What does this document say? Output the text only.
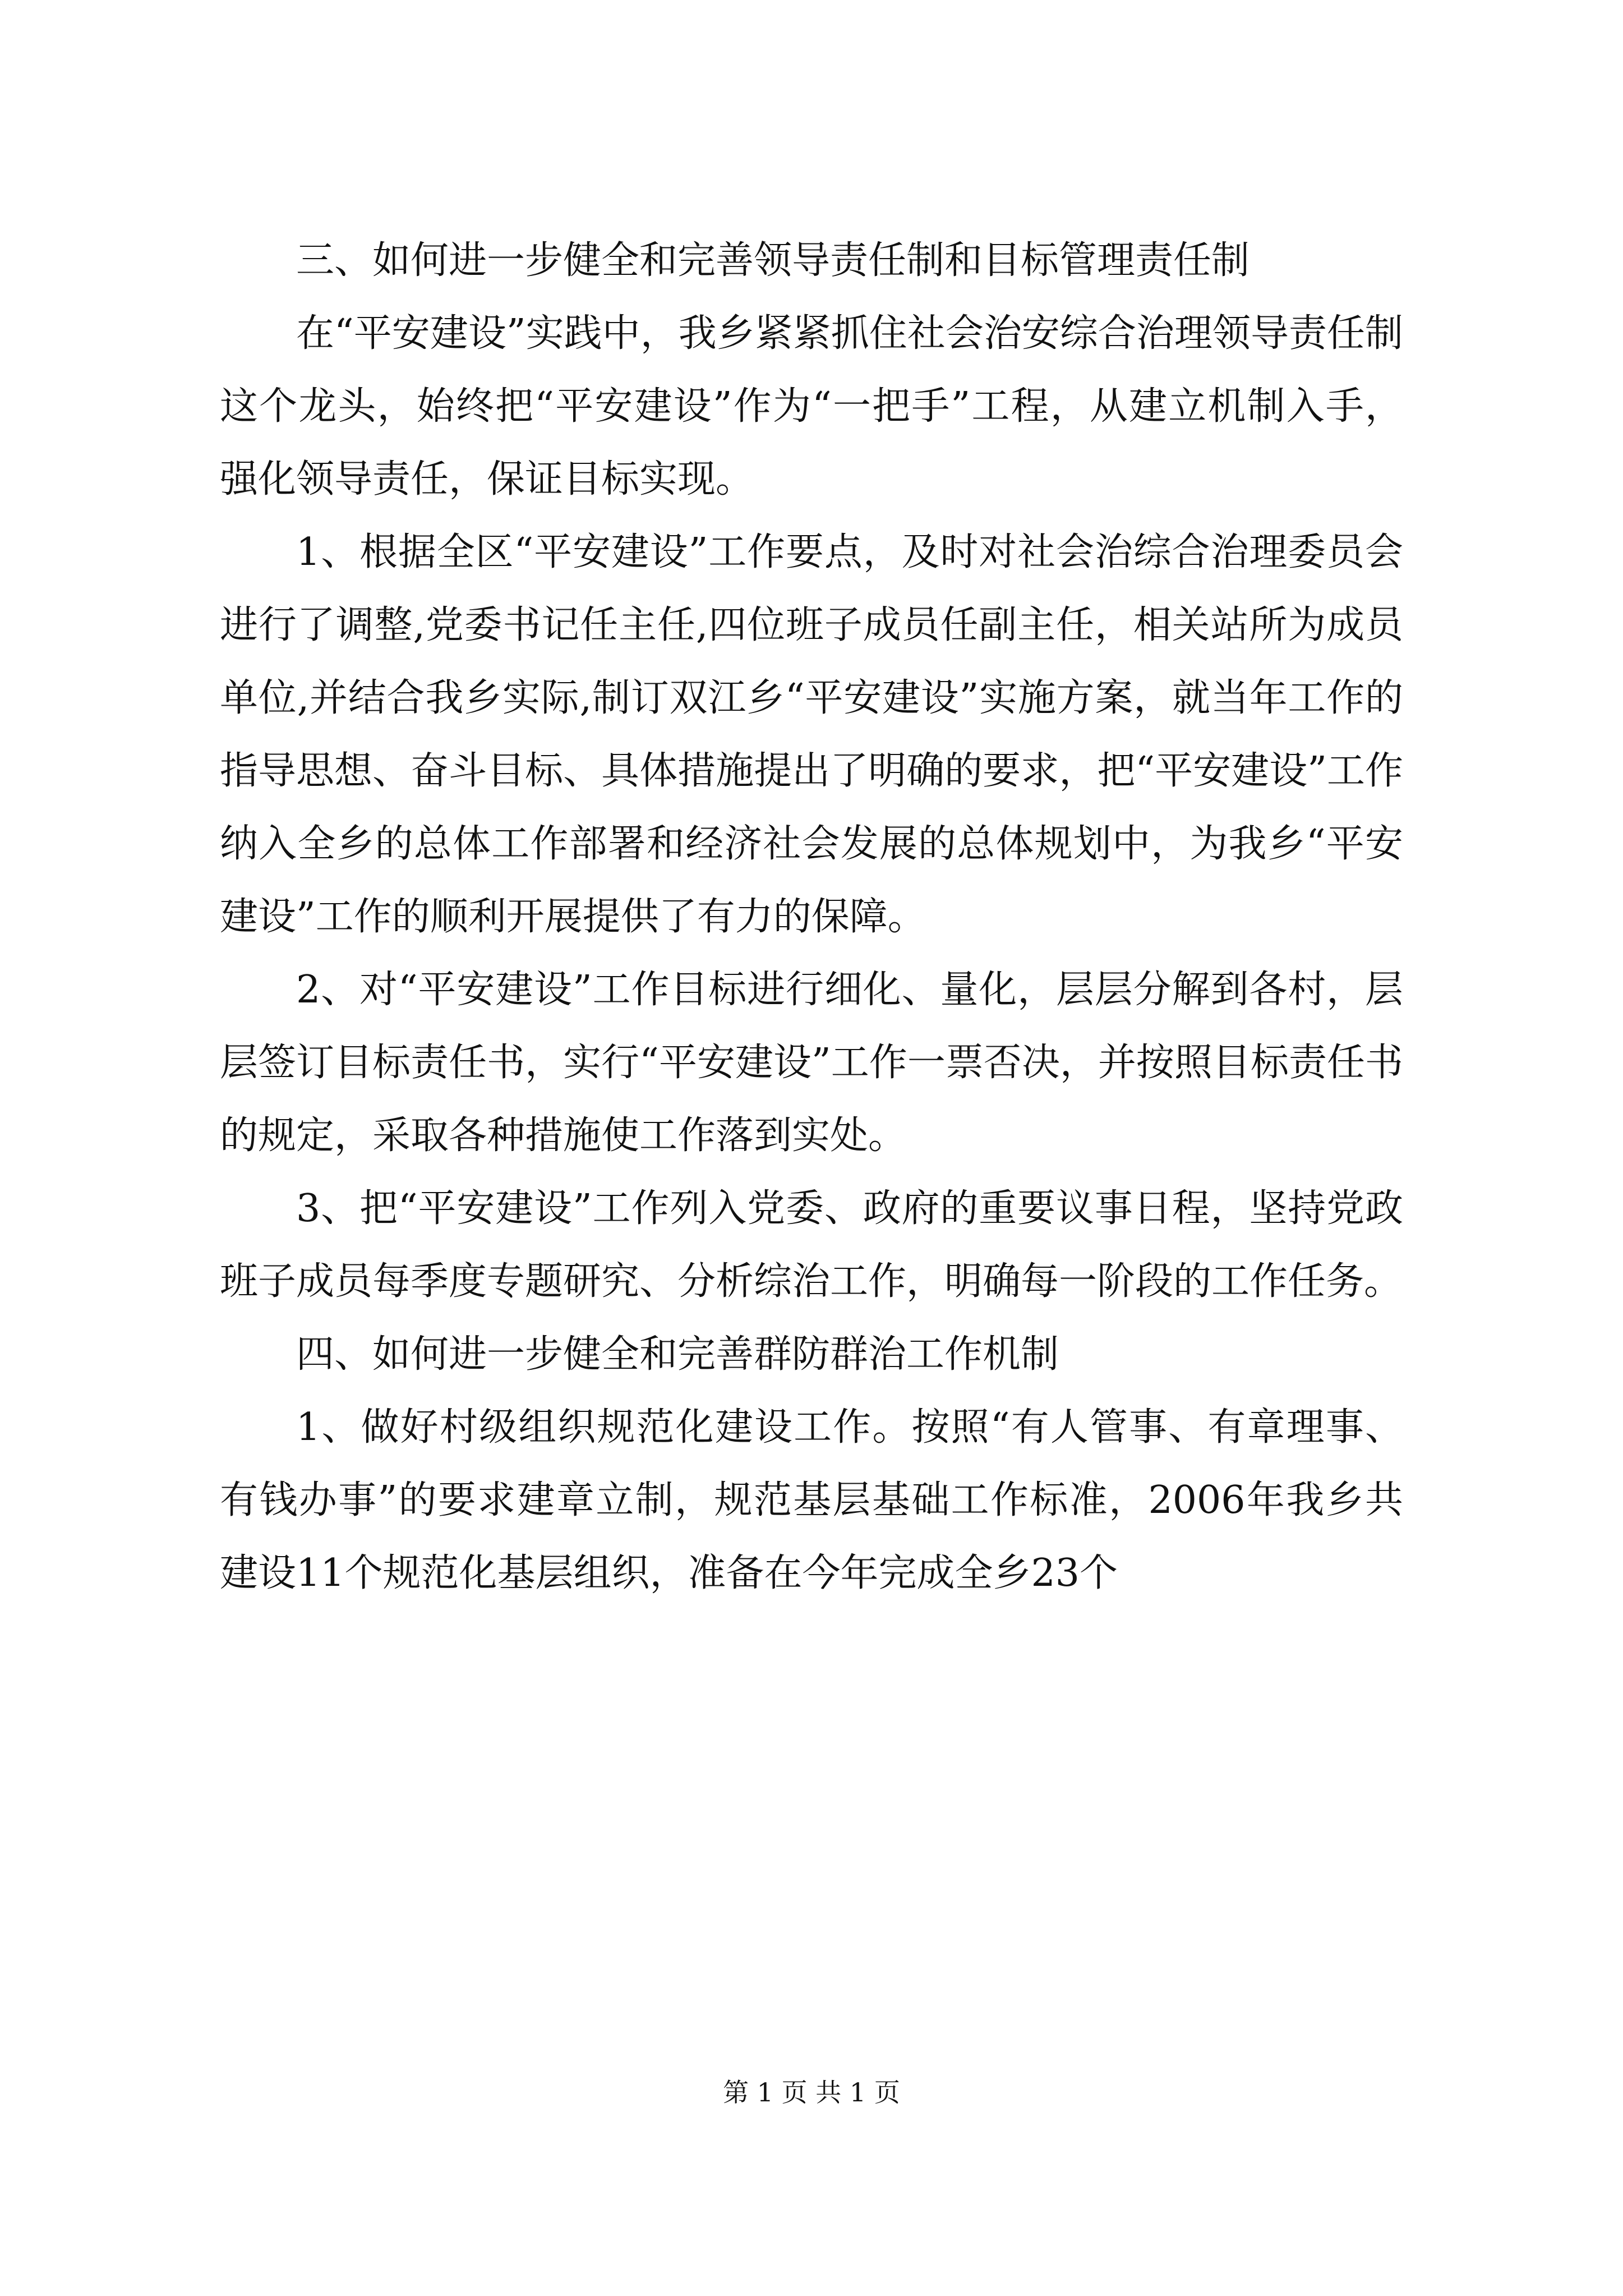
三、如何进一步健全和完善领导责任制和目标管理责任制

在“平安建设”实践中，我乡紧紧抓住社会治安综合治理领导责任制这个龙头，始终把“平安建设”作为“一把手”工程，从建立机制入手，强化领导责任，保证目标实现。

1、根据全区“平安建设”工作要点，及时对社会治综合治理委员会进行了调整,党委书记任主任,四位班子成员任副主任，相关站所为成员单位,并结合我乡实际,制订双江乡“平安建设”实施方案，就当年工作的指导思想、奋斗目标、具体措施提出了明确的要求，把“平安建设”工作纳入全乡的总体工作部署和经济社会发展的总体规划中，为我乡“平安建设”工作的顺利开展提供了有力的保障。

2、对“平安建设”工作目标进行细化、量化，层层分解到各村，层层签订目标责任书，实行“平安建设”工作一票否决，并按照目标责任书的规定，采取各种措施使工作落到实处。

3、把“平安建设”工作列入党委、政府的重要议事日程，坚持党政班子成员每季度专题研究、分析综治工作，明确每一阶段的工作任务。

四、如何进一步健全和完善群防群治工作机制

1、做好村级组织规范化建设工作。按照“有人管事、有章理事、有钱办事”的要求建章立制，规范基层基础工作标准，2006年我乡共建设11个规范化基层组织，准备在今年完成全乡23个

第 1 页 共 1 页
